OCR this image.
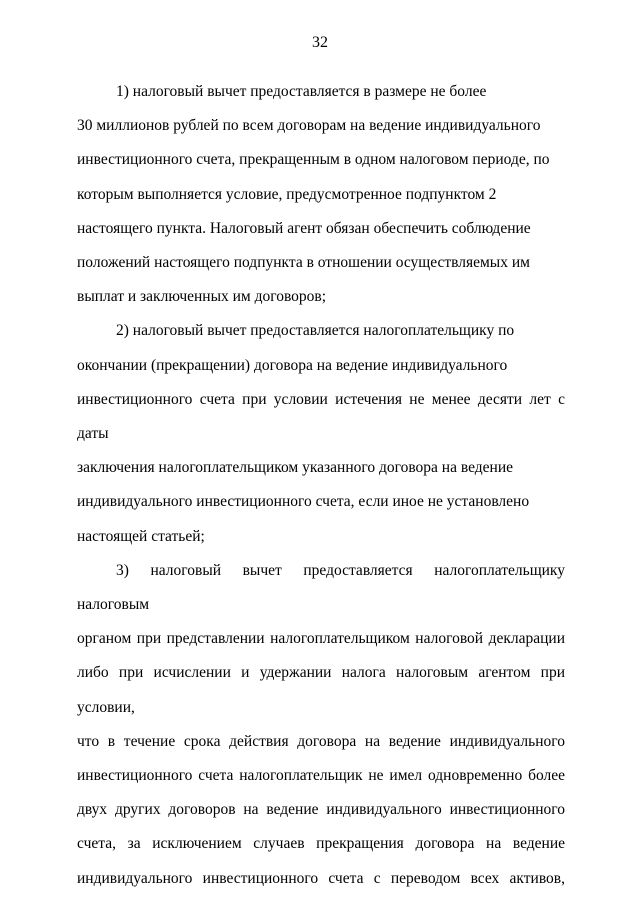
32

1) налоговый вычет предоставляется в размере не более
30 миллионов рублей по всем договорам на ведение индивидуального
инвестиционного счета, прекращенным в одном налоговом периоде, по
которым выполняется условие, предусмотренное подпунктом 2
настоящего пункта. Налоговый агент обязан обеспечить соблюдение
положений настоящего подпункта в отношении осуществляемых им
выплат и заключенных им договоров;

2) налоговый вычет предоставляется налогоплательщику по
окончании (прекращении) договора на ведение индивидуального
инвестиционного счета при условии истечения не менее десяти лет с даты
заключения налогоплательщиком указанного договора на ведение
индивидуального инвестиционного счета, если иное не установлено
настоящей статьей;

3) налоговый вычет предоставляется налогоплательщику налоговым
органом при представлении налогоплательщиком налоговой декларации
либо при исчислении и удержании налога налоговым агентом при условии,
что в течение срока действия договора на ведение индивидуального
инвестиционного счета налогоплательщик не имел одновременно более
двух других договоров на ведение индивидуального инвестиционного
счета, за исключением случаев прекращения договора на ведение
индивидуального инвестиционного счета с переводом всех активов,
